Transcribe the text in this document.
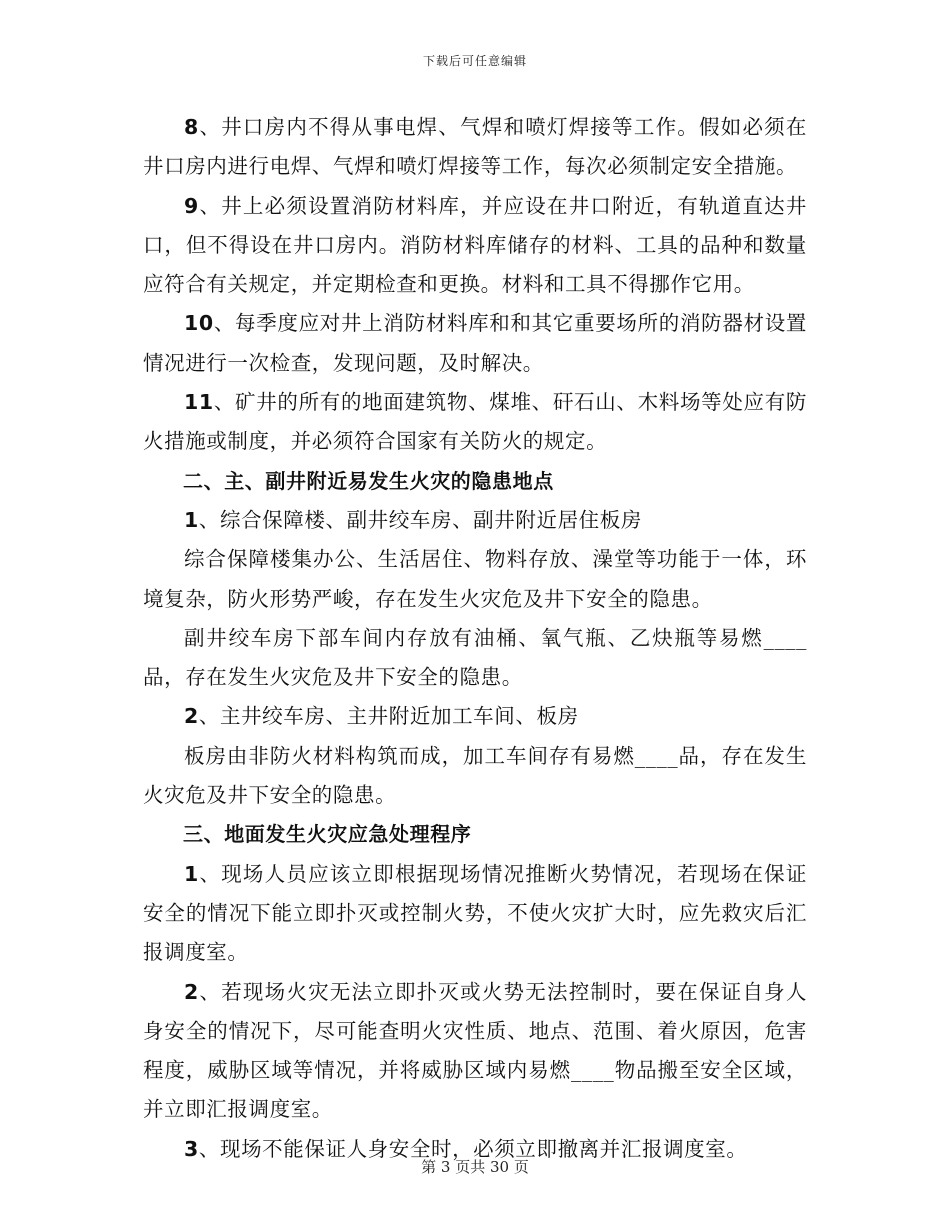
下载后可任意编辑

8、井口房内不得从事电焊、气焊和喷灯焊接等工作。假如必须在井口房内进行电焊、气焊和喷灯焊接等工作，每次必须制定安全措施。

9、井上必须设置消防材料库，并应设在井口附近，有轨道直达井口，但不得设在井口房内。消防材料库储存的材料、工具的品种和数量应符合有关规定，并定期检查和更换。材料和工具不得挪作它用。

10、每季度应对井上消防材料库和和其它重要场所的消防器材设置情况进行一次检查，发现问题，及时解决。

11、矿井的所有的地面建筑物、煤堆、矸石山、木料场等处应有防火措施或制度，并必须符合国家有关防火的规定。

二、主、副井附近易发生火灾的隐患地点

1、综合保障楼、副井绞车房、副井附近居住板房

综合保障楼集办公、生活居住、物料存放、澡堂等功能于一体，环境复杂，防火形势严峻，存在发生火灾危及井下安全的隐患。

副井绞车房下部车间内存放有油桶、氧气瓶、乙炔瓶等易燃____品，存在发生火灾危及井下安全的隐患。

2、主井绞车房、主井附近加工车间、板房

板房由非防火材料构筑而成，加工车间存有易燃____品，存在发生火灾危及井下安全的隐患。

三、地面发生火灾应急处理程序

1、现场人员应该立即根据现场情况推断火势情况，若现场在保证安全的情况下能立即扑灭或控制火势，不使火灾扩大时，应先救灾后汇报调度室。

2、若现场火灾无法立即扑灭或火势无法控制时，要在保证自身人身安全的情况下，尽可能查明火灾性质、地点、范围、着火原因，危害程度，威胁区域等情况，并将威胁区域内易燃____物品搬至安全区域，并立即汇报调度室。

3、现场不能保证人身安全时，必须立即撤离并汇报调度室。

第 3 页共 30 页
